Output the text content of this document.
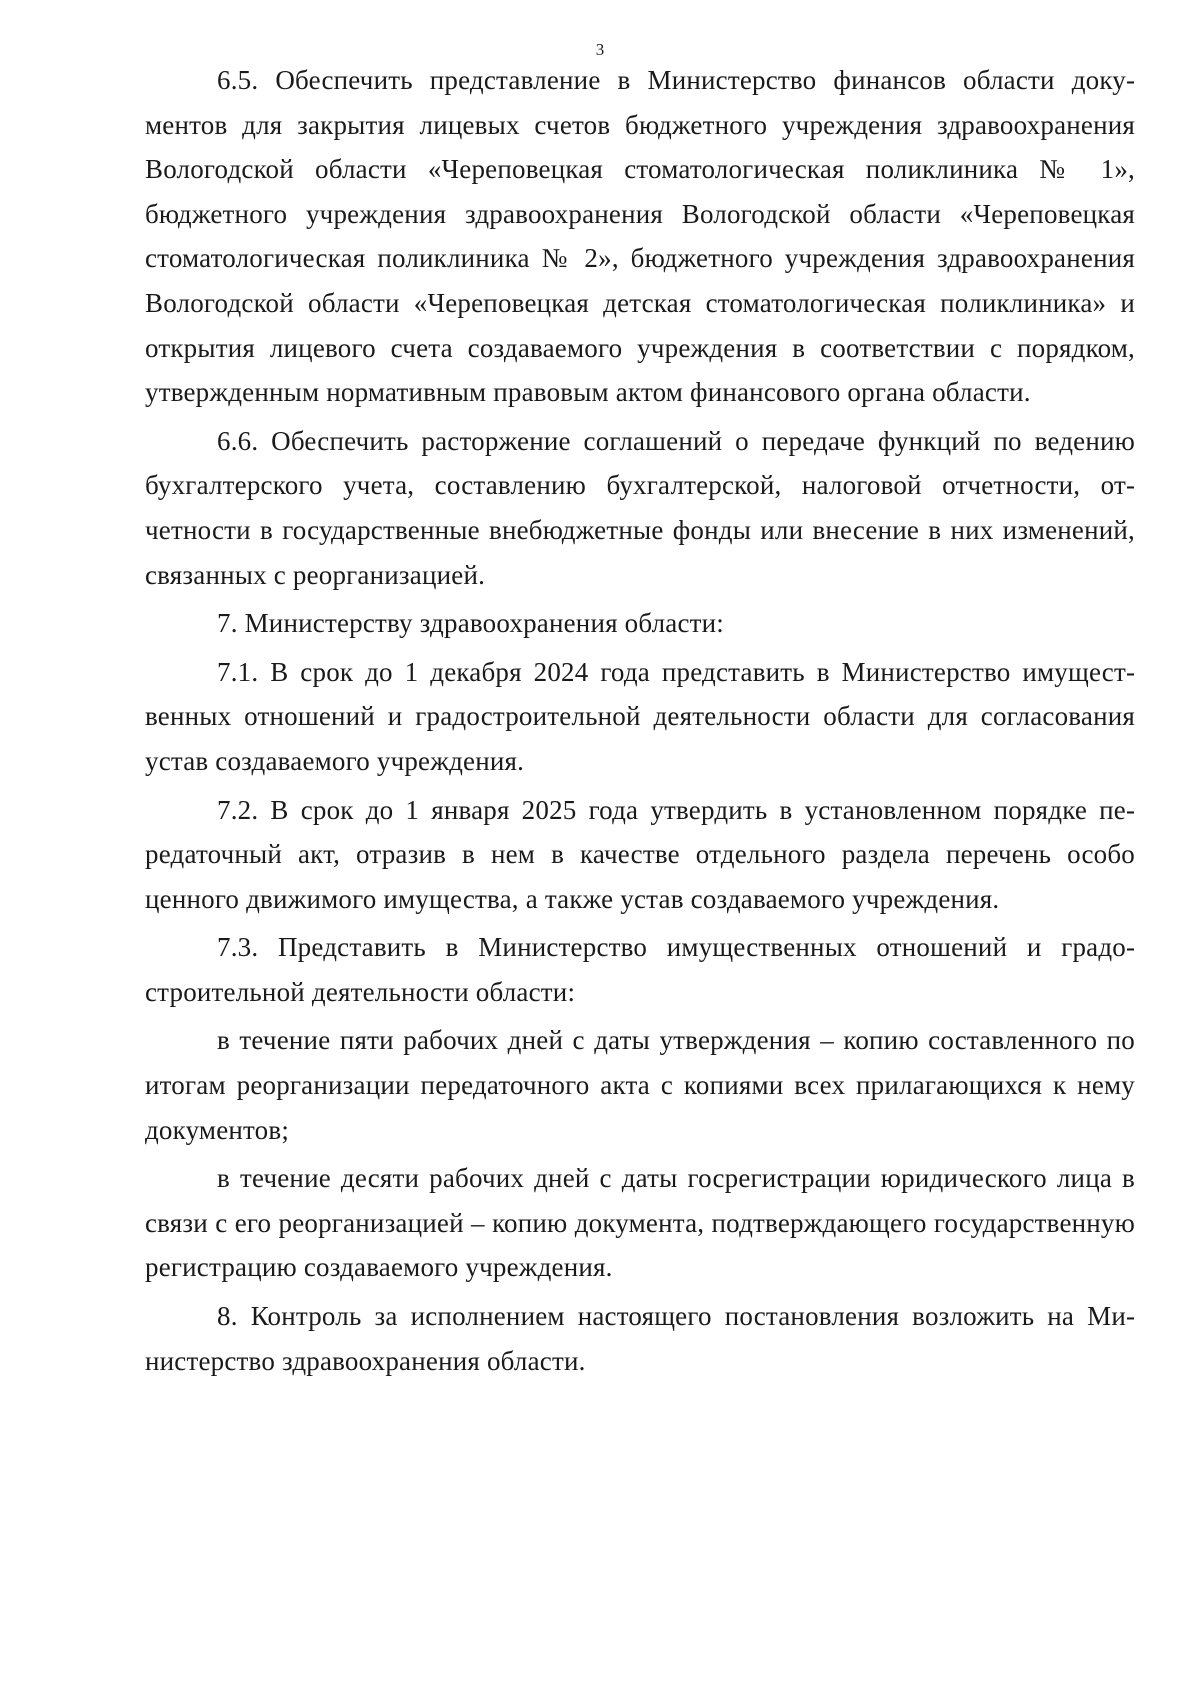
3

6.5. Обеспечить представление в Министерство финансов области документов для закрытия лицевых счетов бюджетного учреждения здравоохранения Вологодской области «Череповецкая стоматологическая поликлиника № 1», бюджетного учреждения здравоохранения Вологодской области «Череповецкая стоматологическая поликлиника № 2», бюджетного учреждения здравоохранения Вологодской области «Череповецкая детская стоматологическая поликлиника» и открытия лицевого счета создаваемого учреждения в соответствии с порядком, утвержденным нормативным правовым актом финансового органа области.

6.6. Обеспечить расторжение соглашений о передаче функций по ведению бухгалтерского учета, составлению бухгалтерской, налоговой отчетности, отчетности в государственные внебюджетные фонды или внесение в них изменений, связанных с реорганизацией.

7. Министерству здравоохранения области:

7.1. В срок до 1 декабря 2024 года представить в Министерство имущественных отношений и градостроительной деятельности области для согласования устав создаваемого учреждения.

7.2. В срок до 1 января 2025 года утвердить в установленном порядке передаточный акт, отразив в нем в качестве отдельного раздела перечень особо ценного движимого имущества, а также устав создаваемого учреждения.

7.3. Представить в Министерство имущественных отношений и градостроительной деятельности области:

в течение пяти рабочих дней с даты утверждения – копию составленного по итогам реорганизации передаточного акта с копиями всех прилагающихся к нему документов;

в течение десяти рабочих дней с даты госрегистрации юридического лица в связи с его реорганизацией – копию документа, подтверждающего государственную регистрацию создаваемого учреждения.

8. Контроль за исполнением настоящего постановления возложить на Министерство здравоохранения области.
